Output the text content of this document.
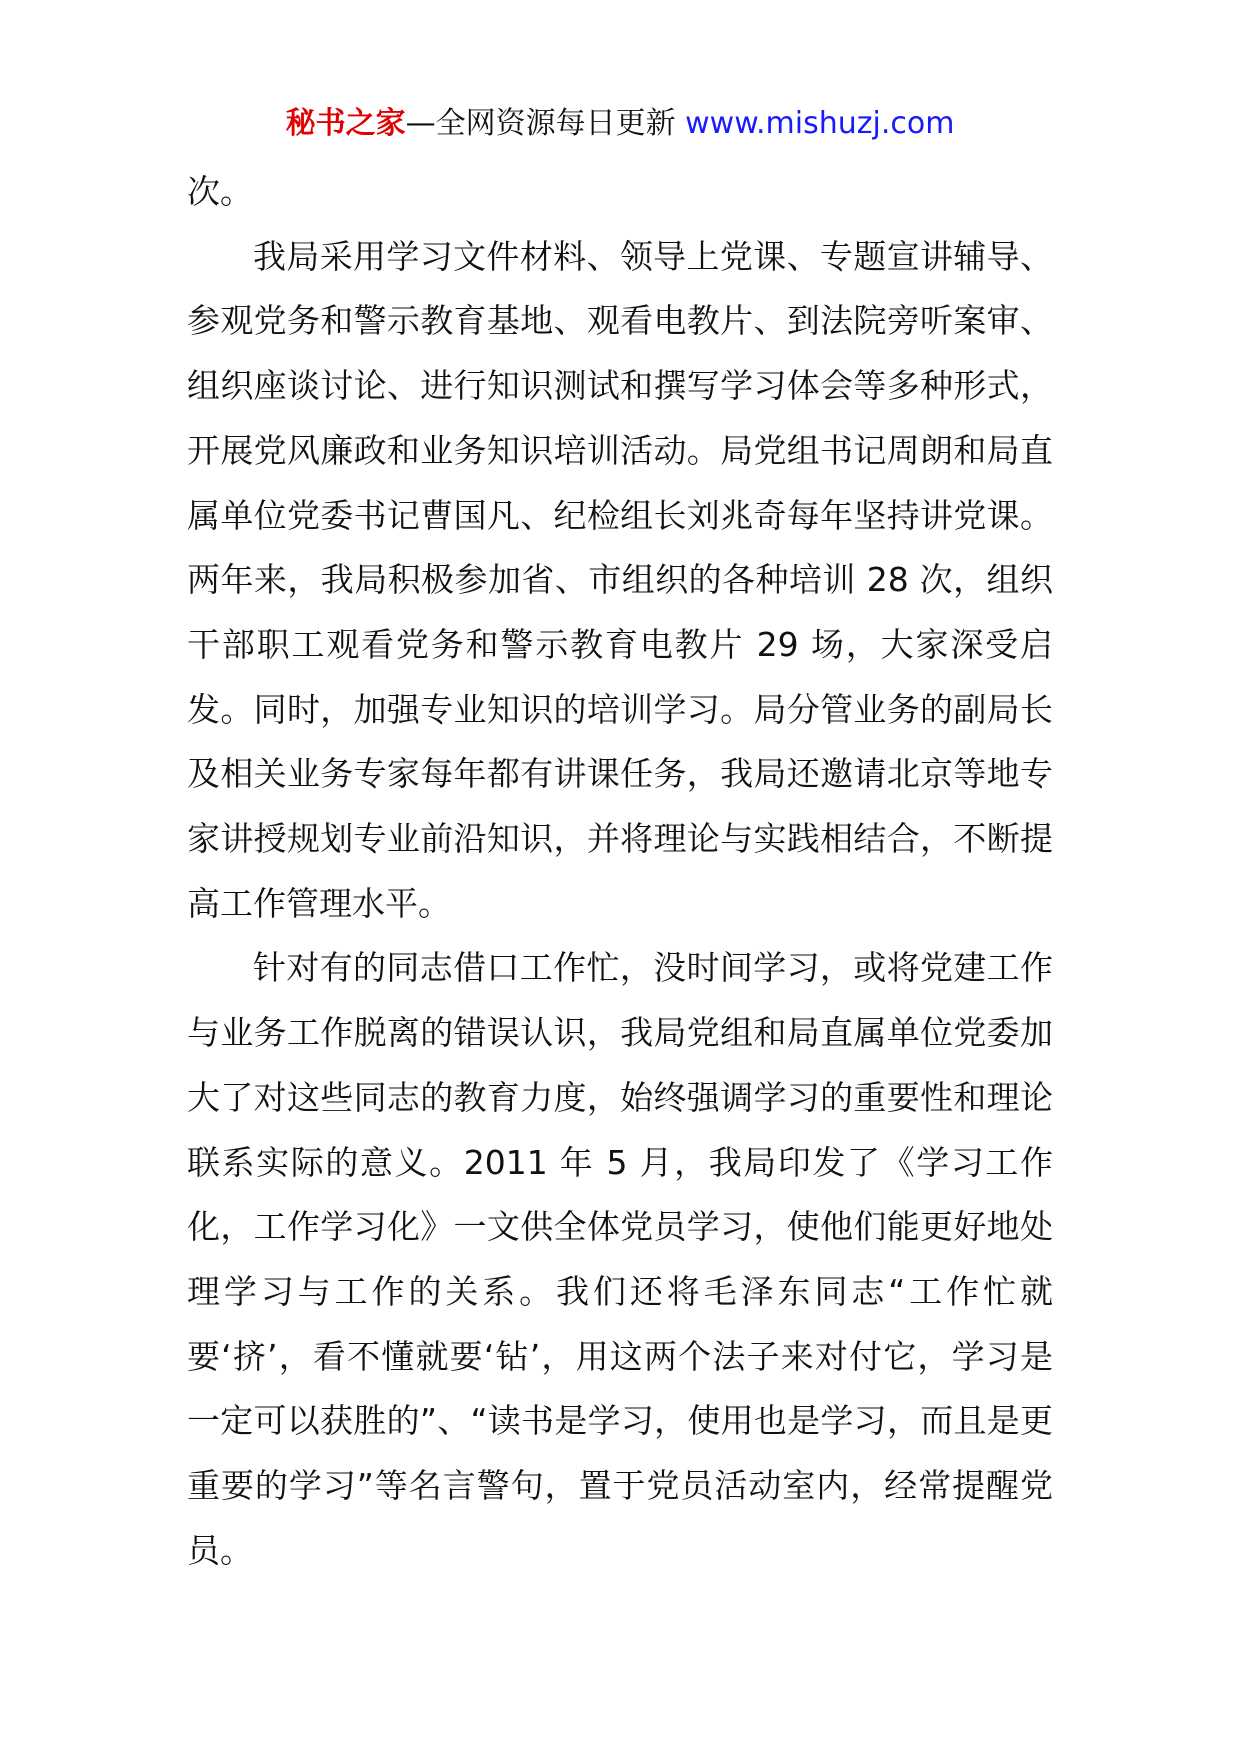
秘书之家—全网资源每日更新 www.mishuzj.com

次。

我局采用学习文件材料、领导上党课、专题宣讲辅导、参观党务和警示教育基地、观看电教片、到法院旁听案审、组织座谈讨论、进行知识测试和撰写学习体会等多种形式，开展党风廉政和业务知识培训活动。局党组书记周朗和局直属单位党委书记曹国凡、纪检组长刘兆奇每年坚持讲党课。两年来，我局积极参加省、市组织的各种培训 28 次，组织干部职工观看党务和警示教育电教片 29 场，大家深受启发。同时，加强专业知识的培训学习。局分管业务的副局长及相关业务专家每年都有讲课任务，我局还邀请北京等地专家讲授规划专业前沿知识，并将理论与实践相结合，不断提高工作管理水平。

针对有的同志借口工作忙，没时间学习，或将党建工作与业务工作脱离的错误认识，我局党组和局直属单位党委加大了对这些同志的教育力度，始终强调学习的重要性和理论联系实际的意义。2011 年 5 月，我局印发了《学习工作化，工作学习化》一文供全体党员学习，使他们能更好地处理学习与工作的关系。我们还将毛泽东同志“工作忙就要‘挤’，看不懂就要‘钻’，用这两个法子来对付它，学习是一定可以获胜的”、“读书是学习，使用也是学习，而且是更重要的学习”等名言警句，置于党员活动室内，经常提醒党员。
